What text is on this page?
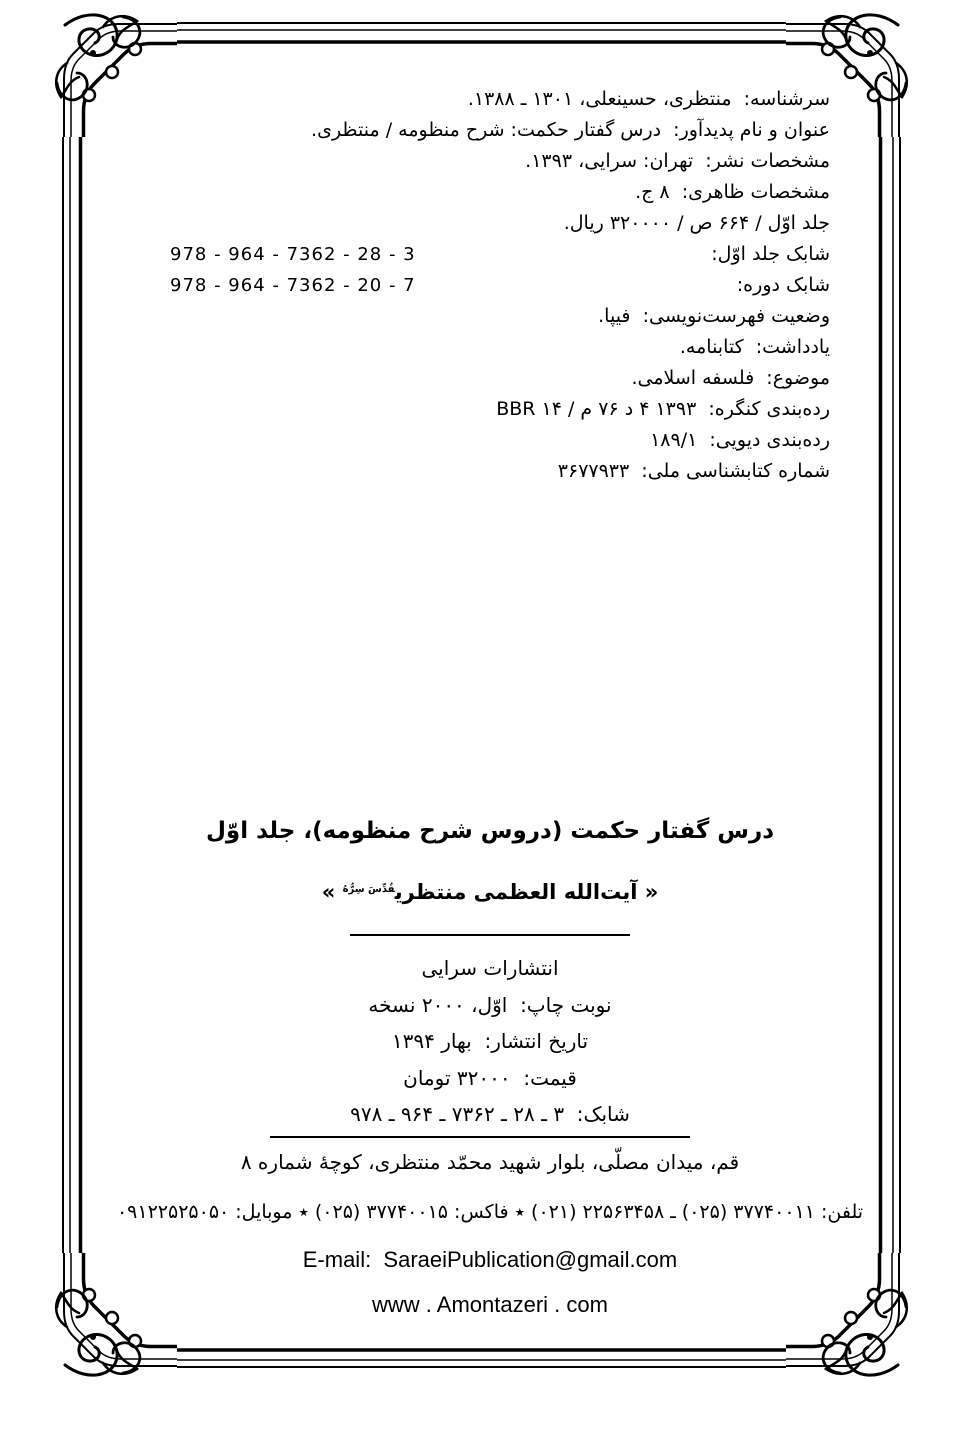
سرشناسه:  منتظری، حسینعلی، ۱۳۰۱ ـ ۱۳۸۸.
عنوان و نام پدیدآور:  درس گفتار حکمت: شرح منظومه / منتظری.
مشخصات نشر:  تهران: سرایی، ۱۳۹۳.
مشخصات ظاهری:  ۸ ج.
جلد اوّل / ۶۶۴ ص / ۳۲۰۰۰۰ ریال.
شابک جلد اوّل:
978 - 964 - 7362 - 28 - 3
شابک دوره:
978 - 964 - 7362 - 20 - 7
وضعیت فهرست‌نویسی:  فیپا.
یادداشت:  کتابنامه.
موضوع:  فلسفه اسلامی.
رده‌بندی کنگره:  ۱۳۹۳ ۴ د ۷۶ م / ۱۴ BBR
رده‌بندی دیویی:  ۱۸۹/۱
شماره کتابشناسی ملی:  ۳۶۷۷۹۳۳
درس گفتار حکمت (دروس شرح منظومه)، جلد اوّل
« آیت‌الله العظمی منتظری$^{قُدِّسَ سِرُّهُ}$ »
انتشارات سرایی
نوبت چاپ:  اوّل، ۲۰۰۰ نسخه
تاریخ انتشار:  بهار ۱۳۹۴
قیمت:  ۳۲۰۰۰ تومان
شابک:  ۳ ـ ۲۸ ـ ۷۳۶۲ ـ ۹۶۴ ـ ۹۷۸
قم، میدان مصلّی، بلوار شهید محمّد منتظری، کوچهٔ شماره ۸
تلفن: ۳۷۷۴۰۰۱۱ (۰۲۵) ـ ۲۲۵۶۳۴۵۸ (۰۲۱) ٭ فاکس: ۳۷۷۴۰۰۱۵ (۰۲۵) ٭ موبایل: ۰۹۱۲۲۵۲۵۰۵۰
E-mail:  SaraeiPublication@gmail.com
www . Amontazeri . com
